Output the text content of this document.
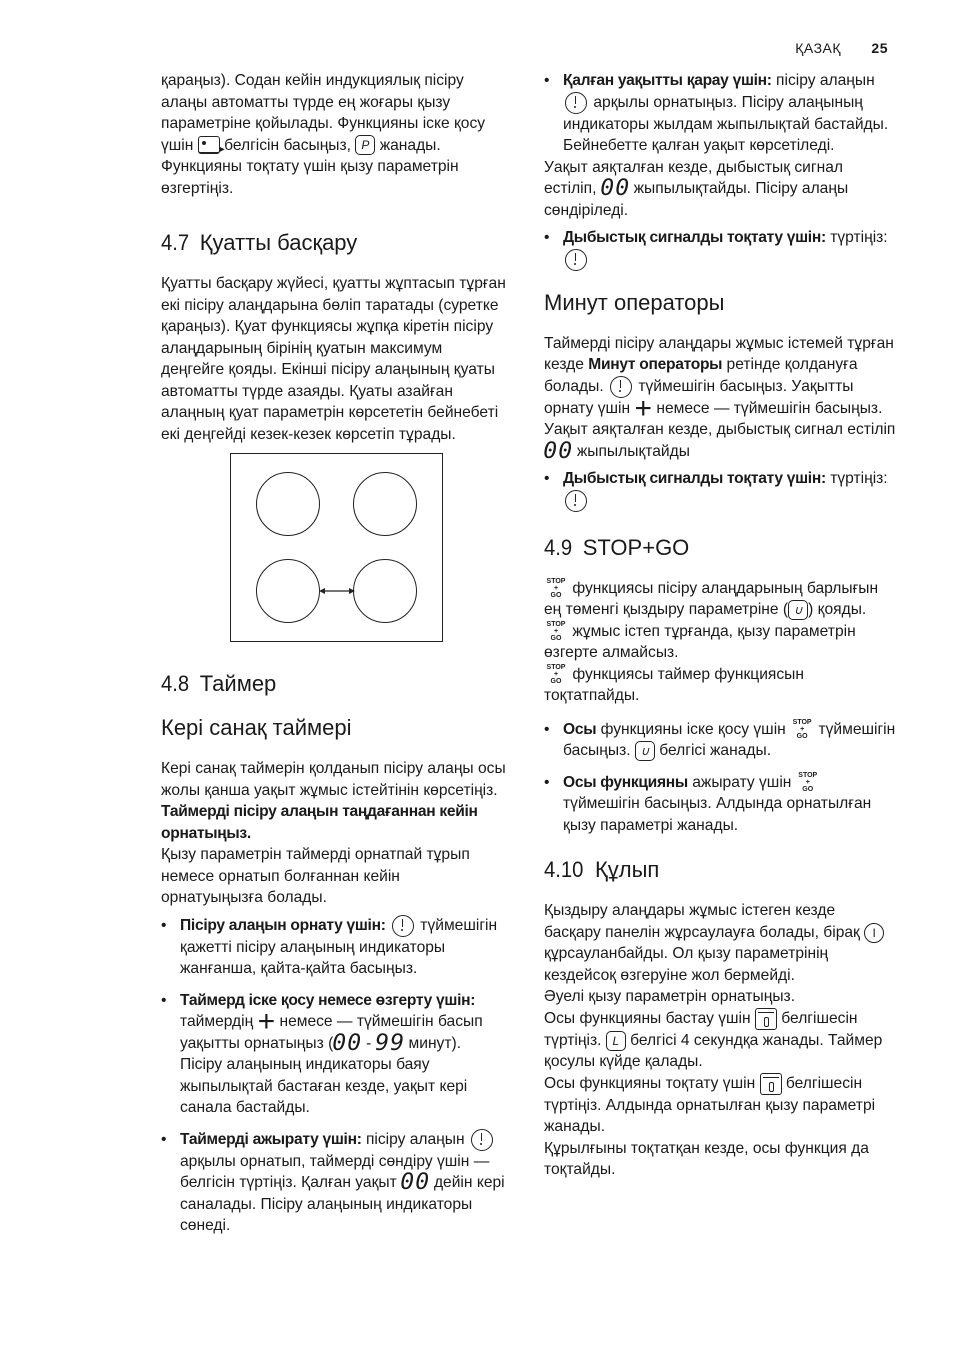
ҚАЗАҚ 25

қараңыз). Содан кейін индукциялық пісіру алаңы автоматты түрде ең жоғары қызу параметріне қойылады. Функцияны іске қосу үшін	▸ белгісін басыңыз, P жанады. Функцияны тоқтату үшін қызу параметрін өзгертіңіз.

4.7 Қуатты басқару

Қуатты басқару жүйесі, қуатты жұптасып тұрған екі пісіру алаңдарына бөліп таратады (суретке қараңыз). Қуат функциясы жұпқа кіретін пісіру алаңдарының бірінің қуатын максимум деңгейге қояды. Екінші пісіру алаңының қуаты автоматты түрде азаяды. Қуаты азайған алаңның қуат параметрін көрсететін бейнебеті екі деңгейді кезек-кезек көрсетіп тұрады.

4.8 Таймер
Кері санақ таймері

Кері санақ таймерін қолданып пісіру алаңы осы жолы қанша уақыт жұмыс істейтінін көрсетіңіз.

Таймерді пісіру алаңын таңдағаннан кейін орнатыңыз.

Қызу параметрін таймерді орнатпай тұрып немесе орнатып болғаннан кейін орнатуыңызға болады.

• Пісіру алаңын орнату үшін: түймешігін қажетті пісіру алаңының индикаторы жанғанша, қайта-қайта басыңыз.
• Таймерд іске қосу немесе өзгерту үшін: таймердің + немесе — түймешігін басып уақытты орнатыңыз (00 - 99 минут). Пісіру алаңының индикаторы баяу жыпылықтай бастаған кезде, уақыт кері санала бастайды.
• Таймерді ажырату үшін: пісіру алаңын  арқылы орнатып, таймерді сөндіру үшін — белгісін түртіңіз. Қалған уақыт 00 дейін кері саналады. Пісіру алаңының индикаторы сөнеді.
• Қалған уақытты қарау үшін: пісіру алаңын  арқылы орнатыңыз. Пісіру алаңының индикаторы жылдам жыпылықтай бастайды. Бейнебетте қалған уақыт көрсетіледі.

Уақыт аяқталған кезде, дыбыстық сигнал естіліп, 00 жыпылықтайды. Пісіру алаңы сөндіріледі.

• Дыбыстық сигналды тоқтату үшін: түртіңіз:

Минут операторы

Таймерді пісіру алаңдары жұмыс істемей тұрған кезде Минут операторы ретінде қолдануға болады. түймешігін басыңыз. Уақытты орнату үшін + немесе — түймешігін басыңыз. Уақыт аяқталған кезде, дыбыстық сигнал естіліп 00 жыпылықтайды

• Дыбыстық сигналды тоқтату үшін: түртіңіз:

4.9 STOP+GO

STOP
+
GO функциясы пісіру алаңдарының барлығын ең төменгі қыздыру параметріне ( ∪ ) қояды.

STOP
+
GO жұмыс істеп тұрғанда, қызу параметрін өзгерте алмайсыз.

STOP
+
GO функциясы таймер функциясын тоқтатпайды.

• Осы функцияны іске қосу үшін STOP
+
GO түймешігін басыңыз. ∪ белгісі жанады.
• Осы функцияны ажырату үшін STOP
+
GO түймешігін басыңыз. Алдында орнатылған қызу параметрі жанады.
4.10 Құлып

Қыздыру алаңдары жұмыс істеген кезде басқару панелін жұрсаулауға болады, бірақ I құрсауланбайды. Ол қызу параметрінің кездейсоқ өзгеруіне жол бермейді.

Әуелі қызу параметрін орнатыңыз.

Осы функцияны бастау үшін белгішесін түртіңіз. L белгісі 4 секундқа жанады. Таймер қосулы күйде қалады.

Осы функцияны тоқтату үшін белгішесін түртіңіз. Алдында орнатылған қызу параметрі жанады.

Құрылғыны тоқтатқан кезде, осы функция да тоқтайды.
